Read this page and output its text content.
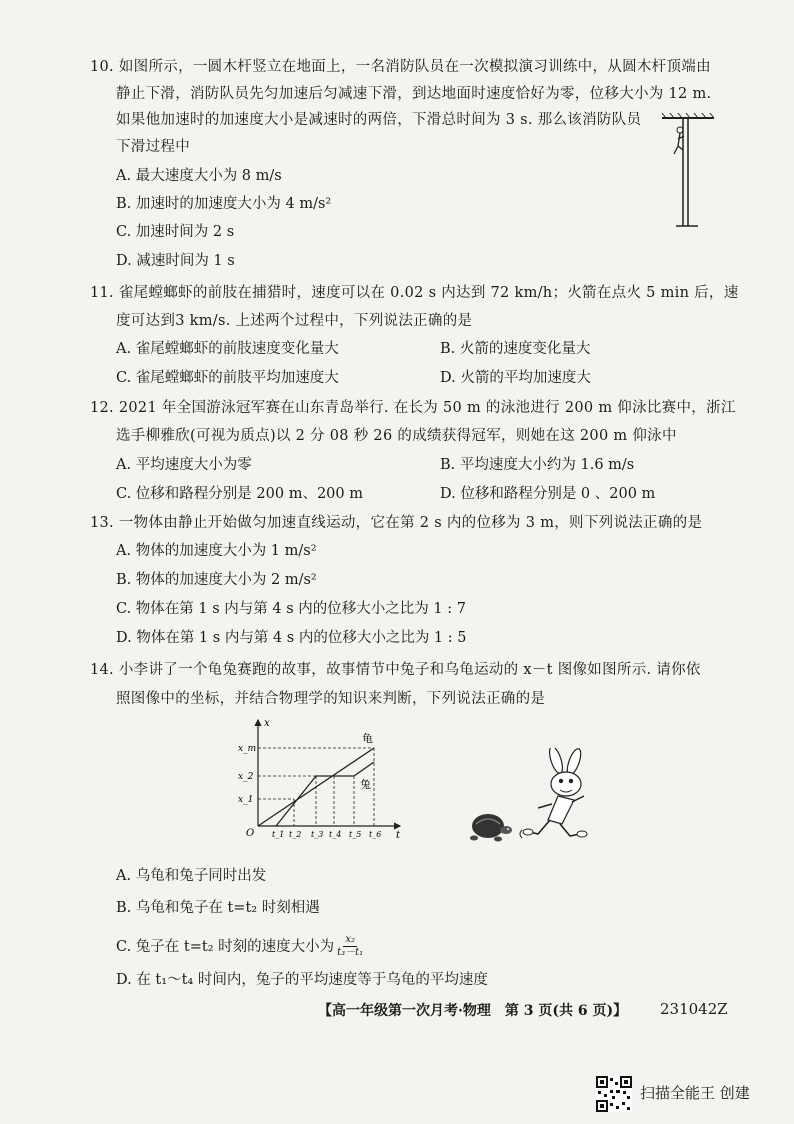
10. 如图所示，一圆木杆竖立在地面上，一名消防队员在一次模拟演习训练中，从圆木杆顶端由
静止下滑，消防队员先匀加速后匀减速下滑，到达地面时速度恰好为零，位移大小为 12 m.
如果他加速时的加速度大小是减速时的两倍，下滑总时间为 3 s. 那么该消防队员
下滑过程中
A. 最大速度大小为 8 m/s
B. 加速时的加速度大小为 4 m/s²
C. 加速时间为 2 s
D. 减速时间为 1 s
11. 雀尾螳螂虾的前肢在捕猎时，速度可以在 0.02 s 内达到 72 km/h；火箭在点火 5 min 后，速
度可达到3 km/s. 上述两个过程中，下列说法正确的是
A. 雀尾螳螂虾的前肢速度变化量大	B. 火箭的速度变化量大
C. 雀尾螳螂虾的前肢平均加速度大	D. 火箭的平均加速度大
12. 2021 年全国游泳冠军赛在山东青岛举行. 在长为 50 m 的泳池进行 200 m 仰泳比赛中，浙江
选手柳雅欣(可视为质点)以 2 分 08 秒 26 的成绩获得冠军，则她在这 200 m 仰泳中
A. 平均速度大小为零	B. 平均速度大小约为 1.6 m/s
C. 位移和路程分别是 200 m、200 m	D. 位移和路程分别是 0 、200 m
13. 一物体由静止开始做匀加速直线运动，它在第 2 s 内的位移为 3 m，则下列说法正确的是
A. 物体的加速度大小为 1 m/s²
B. 物体的加速度大小为 2 m/s²
C. 物体在第 1 s 内与第 4 s 内的位移大小之比为 1 : 7
D. 物体在第 1 s 内与第 4 s 内的位移大小之比为 1 : 5
14. 小李讲了一个龟兔赛跑的故事，故事情节中兔子和乌龟运动的 x－t 图像如图所示. 请你依
照图像中的坐标，并结合物理学的知识来判断，下列说法正确的是
x
t
O
x_m
x_2
x_1
t_1 t_2 t_3 t_4 t_5 t_6
龟
兔
A. 乌龟和兔子同时出发
B. 乌龟和兔子在 t=t₂ 时刻相遇
C. 兔子在 t=t₂ 时刻的速度大小为 $\frac{\text{x₂}}{\text{t₃－t₁}}$
D. 在 t₁～t₄ 时间内，兔子的平均速度等于乌龟的平均速度
【高一年级第一次月考·物理　第 3 页(共 6 页)】 231042Z
扫描全能王 创建
